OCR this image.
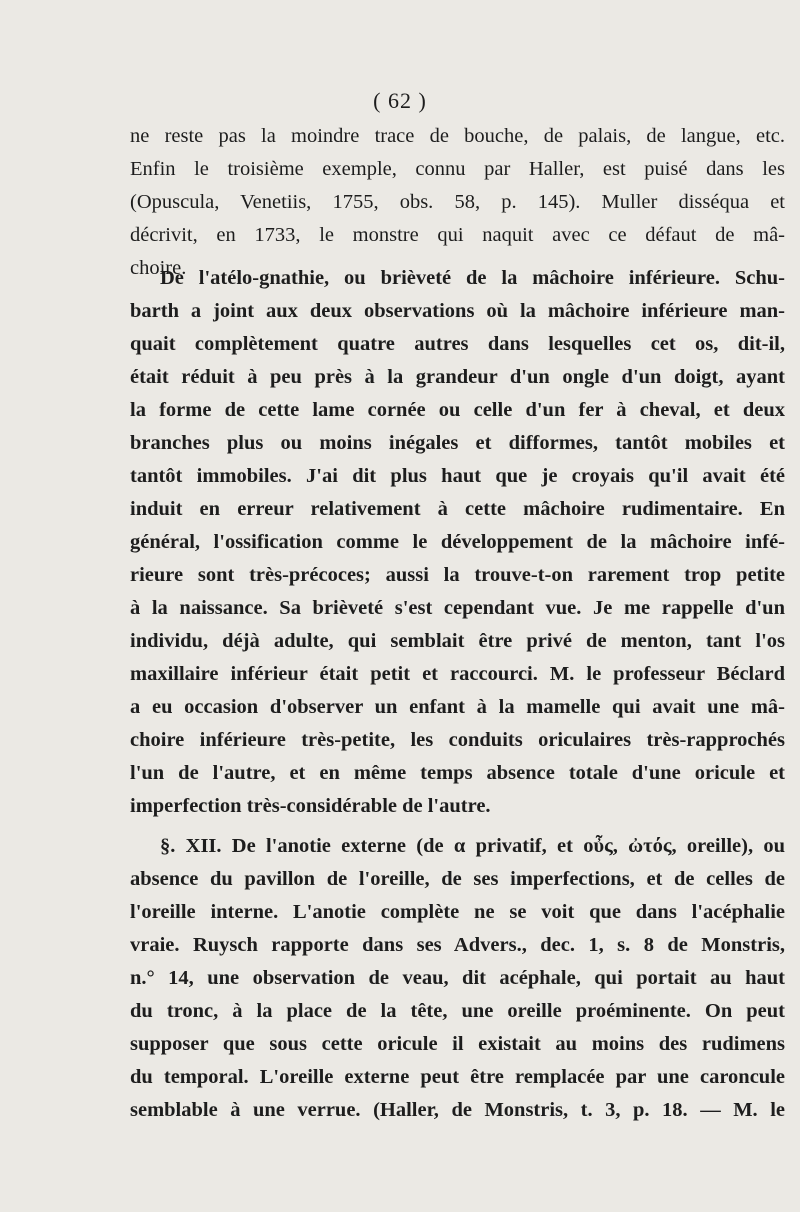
( 62 )
ne reste pas la moindre trace de bouche, de palais, de langue, etc.
Enfin le troisième exemple, connu par Haller, est puisé dans les
(Opuscula, Venetiis, 1755, obs. 58, p. 145). Muller disséqua et
décrivit, en 1733, le monstre qui naquit avec ce défaut de mâ-
choire.
De l'atélo-gnathie, ou brièveté de la mâchoire inférieure. Schu-
barth a joint aux deux observations où la mâchoire inférieure man-
quait complètement quatre autres dans lesquelles cet os, dit-il,
était réduit à peu près à la grandeur d'un ongle d'un doigt, ayant
la forme de cette lame cornée ou celle d'un fer à cheval, et deux
branches plus ou moins inégales et difformes, tantôt mobiles et
tantôt immobiles. J'ai dit plus haut que je croyais qu'il avait été
induit en erreur relativement à cette mâchoire rudimentaire. En
général, l'ossification comme le développement de la mâchoire infé-
rieure sont très-précoces; aussi la trouve-t-on rarement trop petite
à la naissance. Sa brièveté s'est cependant vue. Je me rappelle d'un
individu, déjà adulte, qui semblait être privé de menton, tant l'os
maxillaire inférieur était petit et raccourci. M. le professeur Béclard
a eu occasion d'observer un enfant à la mamelle qui avait une mâ-
choire inférieure très-petite, les conduits oriculaires très-rapprochés
l'un de l'autre, et en même temps absence totale d'une oricule et
imperfection très-considérable de l'autre.
§. XII. De l'anotie externe (de α privatif, et οὖς, ὠτός, oreille), ou
absence du pavillon de l'oreille, de ses imperfections, et de celles de
l'oreille interne. L'anotie complète ne se voit que dans l'acéphalie
vraie. Ruysch rapporte dans ses Advers., dec. 1, s. 8 de Monstris,
n.° 14, une observation de veau, dit acéphale, qui portait au haut
du tronc, à la place de la tête, une oreille proéminente. On peut
supposer que sous cette oricule il existait au moins des rudimens
du temporal. L'oreille externe peut être remplacée par une caroncule
semblable à une verrue. (Haller, de Monstris, t. 3, p. 18. — M. le
